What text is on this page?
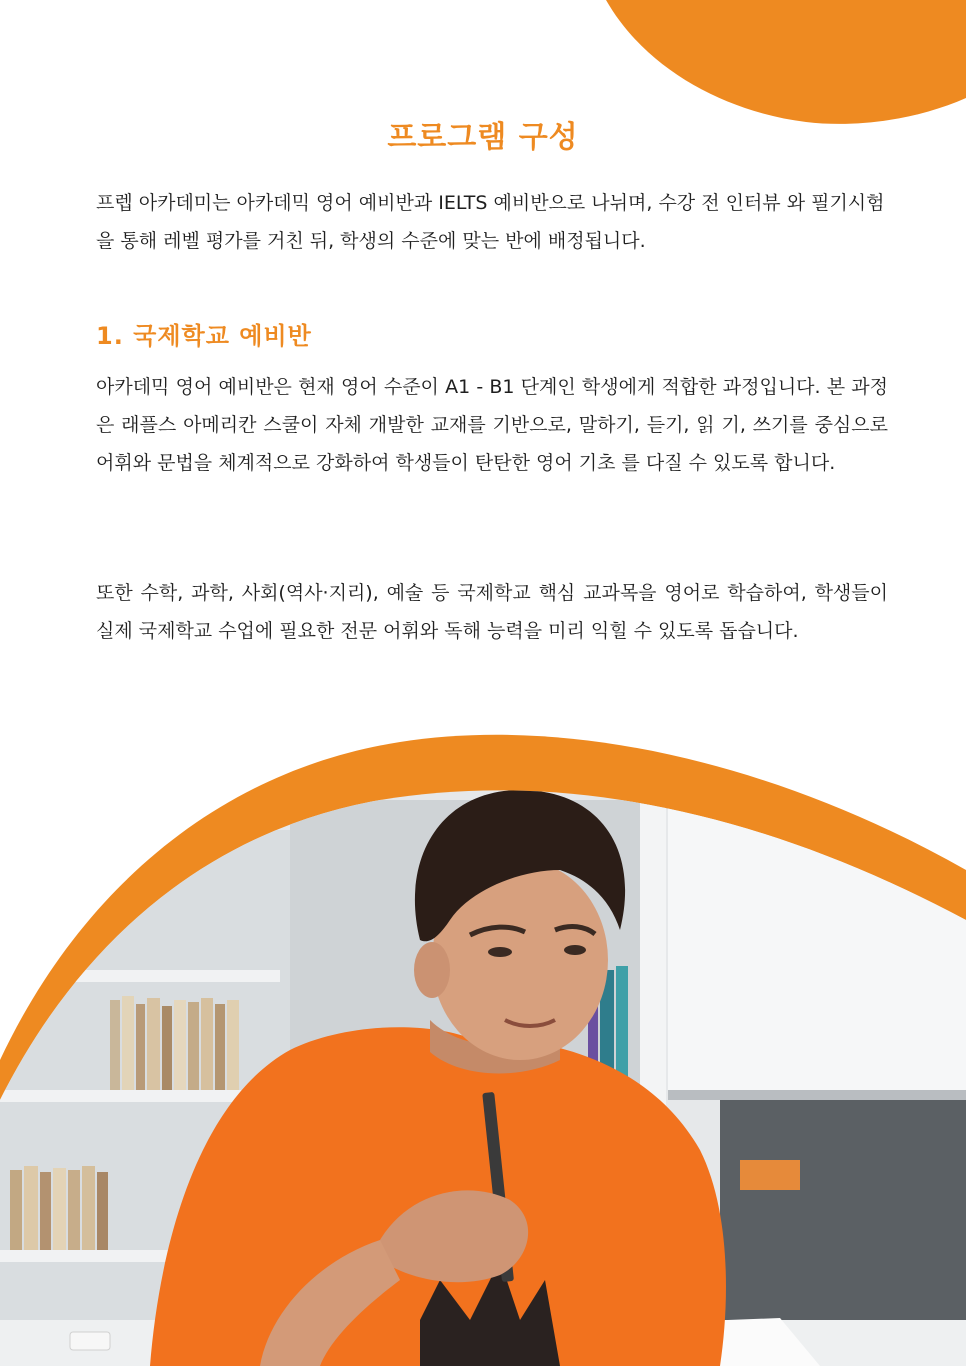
프로그램 구성

프렙 아카데미는 아카데믹 영어 예비반과 IELTS 예비반으로 나뉘며, 수강 전 인터뷰 와 필기시험을 통해 레벨 평가를 거친 뒤, 학생의 수준에 맞는 반에 배정됩니다.

1. 국제학교 예비반

아카데믹 영어 예비반은 현재 영어 수준이 A1 - B1 단계인 학생에게 적합한 과정입니다. 본 과정은 래플스 아메리칸 스쿨이 자체 개발한 교재를 기반으로, 말하기, 듣기, 읽 기, 쓰기를 중심으로 어휘와 문법을 체계적으로 강화하여 학생들이 탄탄한 영어 기초 를 다질 수 있도록 합니다.

또한 수학, 과학, 사회(역사·지리), 예술 등 국제학교 핵심 교과목을 영어로 학습하여, 학생들이 실제 국제학교 수업에 필요한 전문 어휘와 독해 능력을 미리 익힐 수 있도록 돕습니다.
